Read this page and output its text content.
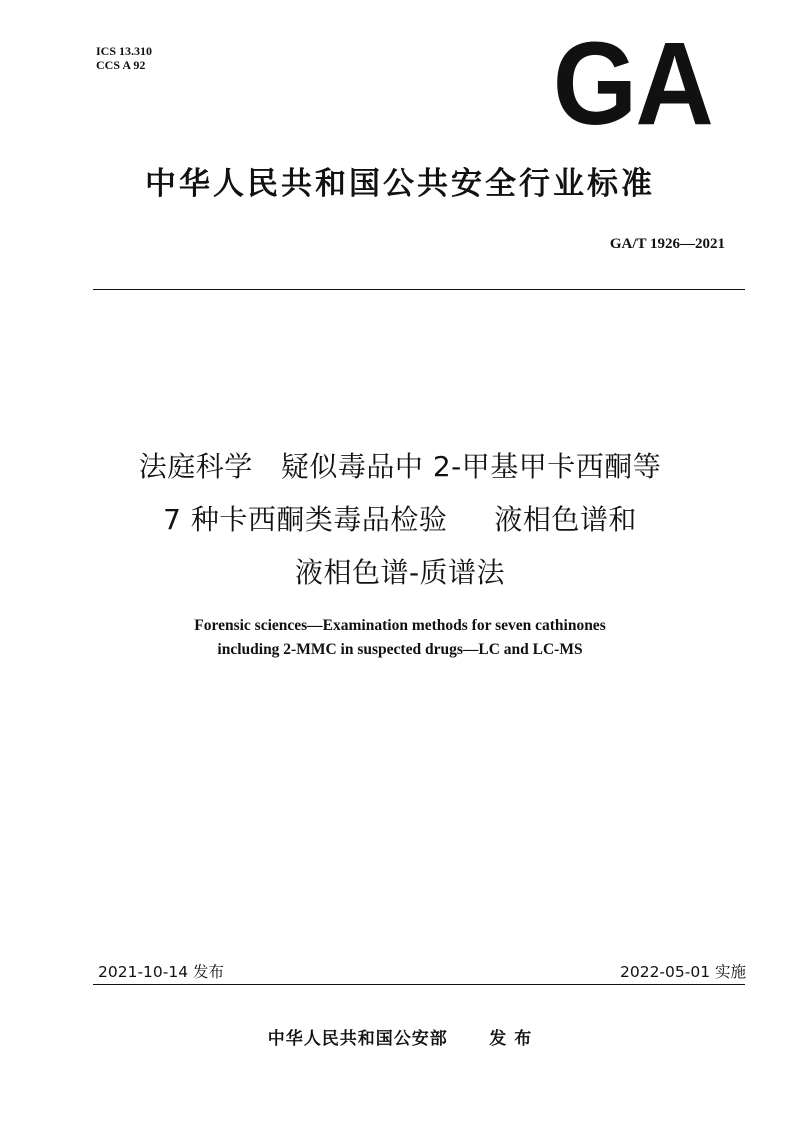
ICS 13.310
CCS A 92	GA
中华人民共和国公共安全行业标准
GA/T 1926—2021
法庭科学   疑似毒品中 2-甲基甲卡西酮等
7 种卡西酮类毒品检验     液相色谱和
液相色谱-质谱法
Forensic sciences—Examination methods for seven cathinones
including 2-MMC in suspected drugs—LC and LC-MS
2021-10-14 发布	2022-05-01 实施
中华人民共和国公安部      发 布
